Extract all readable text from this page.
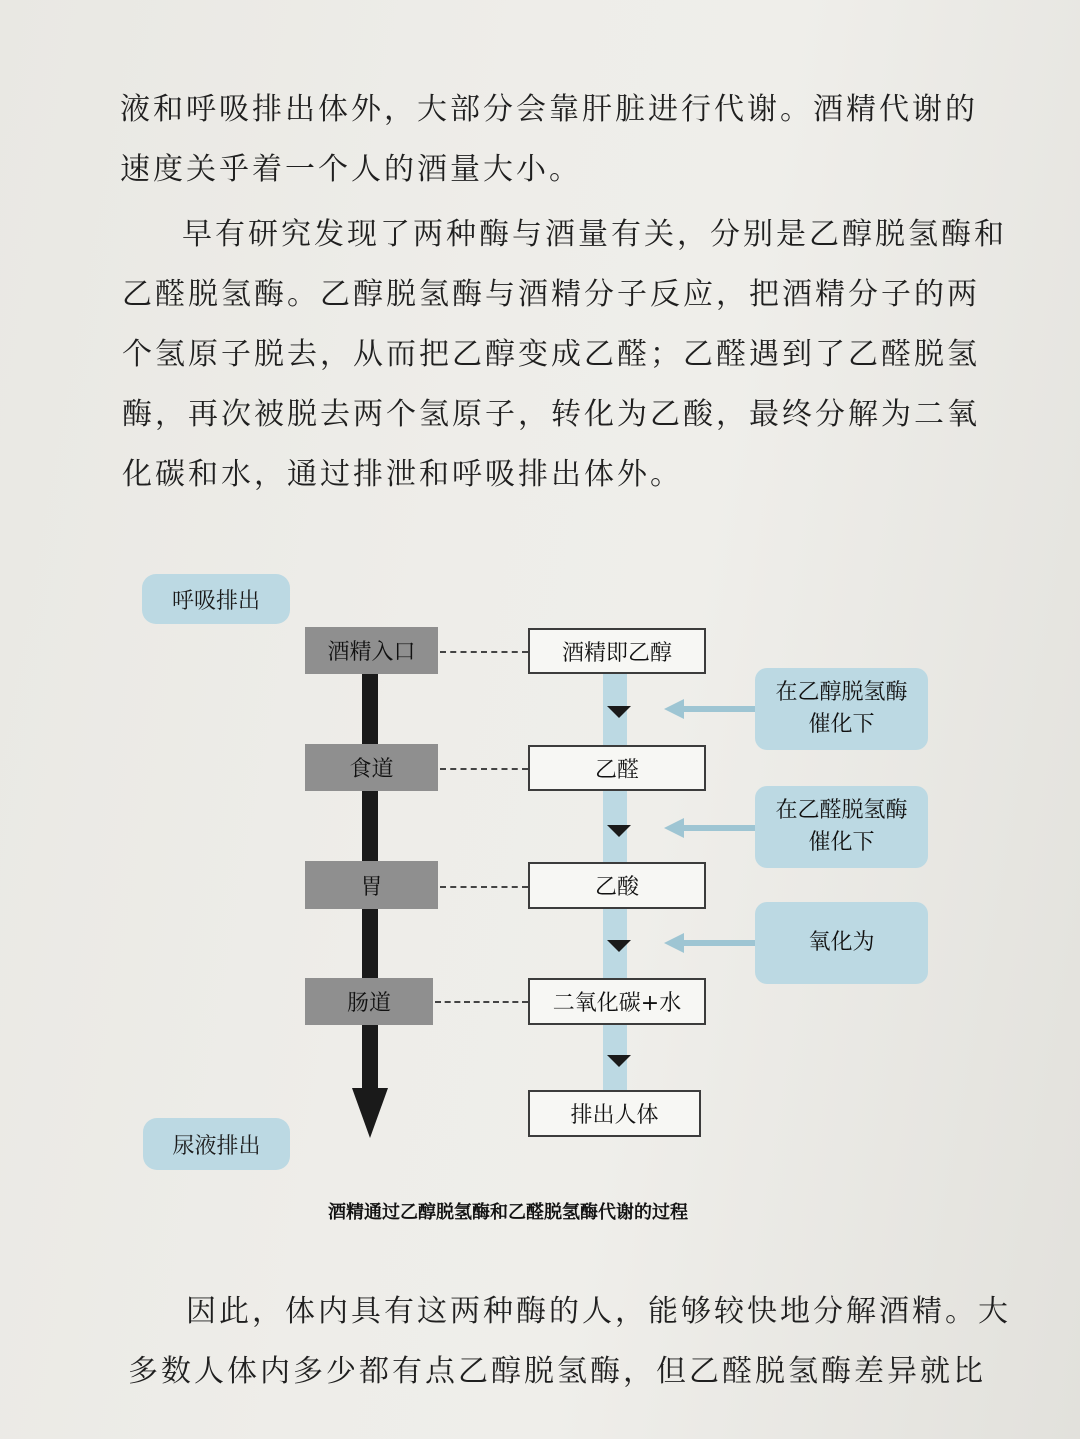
液和呼吸排出体外，大部分会靠肝脏进行代谢。酒精代谢的
速度关乎着一个人的酒量大小。
早有研究发现了两种酶与酒量有关，分别是乙醇脱氢酶和
乙醛脱氢酶。乙醇脱氢酶与酒精分子反应，把酒精分子的两
个氢原子脱去，从而把乙醇变成乙醛；乙醛遇到了乙醛脱氢
酶，再次被脱去两个氢原子，转化为乙酸，最终分解为二氧
化碳和水，通过排泄和呼吸排出体外。
呼吸排出
尿液排出
酒精入口
食道
胃
肠道
酒精即乙醇
乙醛
乙酸
二氧化碳+水
排出人体
在乙醇脱氢酶
催化下
在乙醛脱氢酶
催化下
氧化为
酒精通过乙醇脱氢酶和乙醛脱氢酶代谢的过程
因此，体内具有这两种酶的人，能够较快地分解酒精。大
多数人体内多少都有点乙醇脱氢酶，但乙醛脱氢酶差异就比
